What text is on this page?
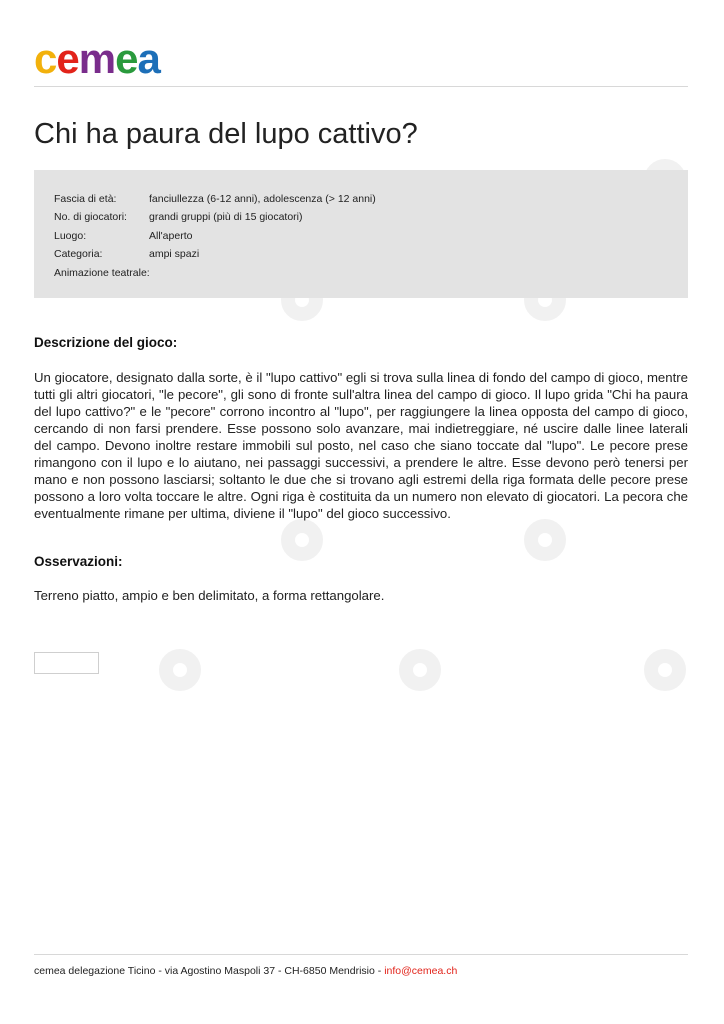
cemea
Chi ha paura del lupo cattivo?
Fascia di età:	fanciullezza (6-12 anni), adolescenza (> 12 anni)
No. di giocatori: grandi gruppi (più di 15 giocatori)
Luogo:	All'aperto
Categoria:	ampi spazi
Animazione teatrale:
Descrizione del gioco:

Un giocatore, designato dalla sorte, è il "lupo cattivo" egli si trova sulla linea di fondo del campo di gioco, mentre tutti gli altri giocatori, "le pecore", gli sono di fronte sull'altra linea del campo di gioco. Il lupo grida "Chi ha paura del lupo cattivo?" e le "pecore" corrono incontro al "lupo", per raggiungere la linea opposta del campo di gioco, cercando di non farsi prendere. Esse possono solo avanzare, mai indietreggiare, né uscire dalle linee laterali del campo. Devono inoltre restare immobili sul posto, nel caso che siano toccate dal "lupo". Le pecore prese rimangono con il lupo e lo aiutano, nei passaggi successivi, a prendere le altre. Esse devono però tenersi per mano e non possono lasciarsi; soltanto le due che si trovano agli estremi della riga formata delle pecore prese possono a loro volta toccare le altre. Ogni riga è costituita da un numero non elevato di giocatori. La pecora che eventualmente rimane per ultima, diviene il "lupo" del gioco successivo.

Osservazioni:

Terreno piatto, ampio e ben delimitato, a forma rettangolare.

cemea delegazione Ticino - via Agostino Maspoli 37 - CH-6850 Mendrisio - info@cemea.ch
